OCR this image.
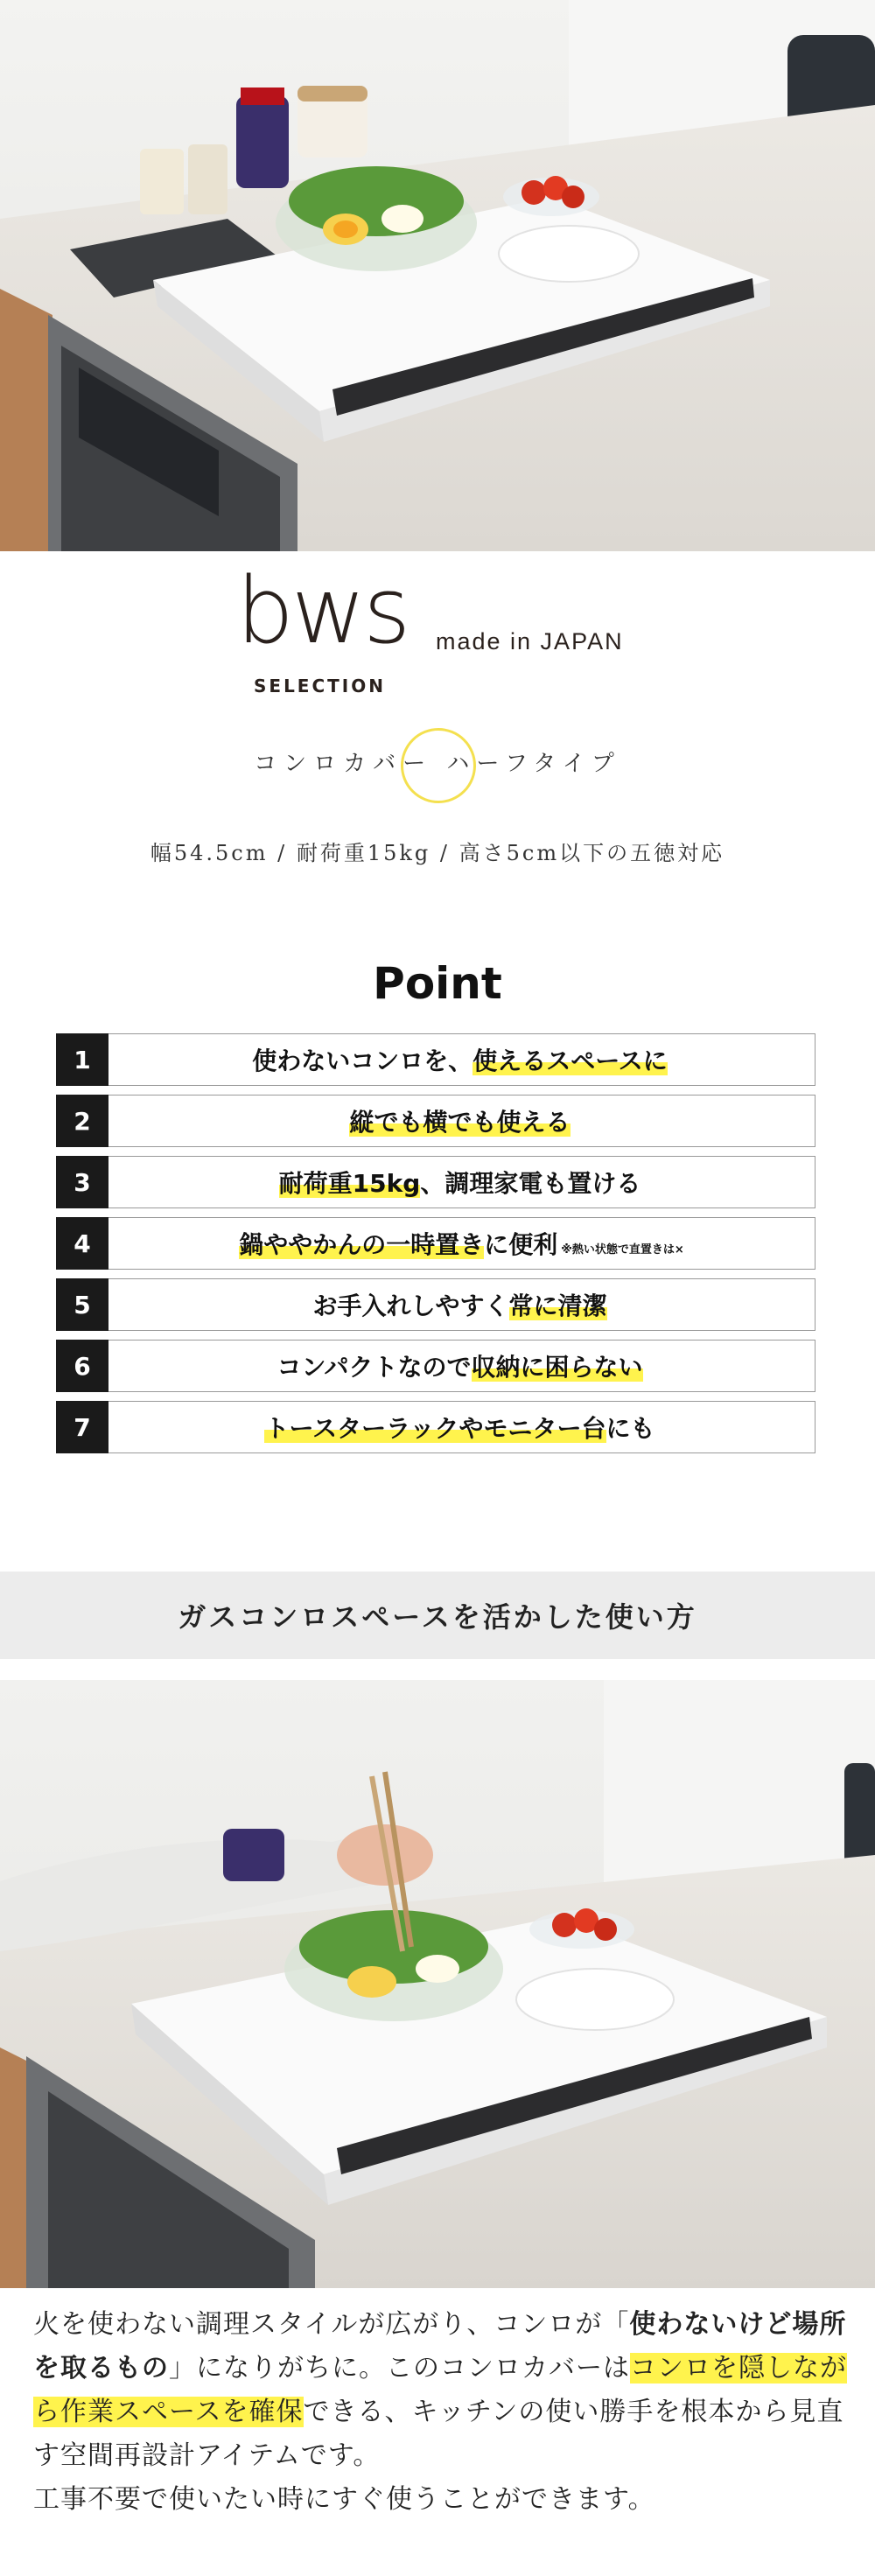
bws
SELECTION
made in JAPAN
コンロカバー ハーフタイプ
幅54.5cm / 耐荷重15kg / 高さ5cm以下の五徳対応
Point
1	使わないコンロを、使えるスペースに
2	縦でも横でも使える
3	耐荷重15kg、調理家電も置ける
4	鍋ややかんの一時置きに便利 ※熱い状態で直置きは×
5	お手入れしやすく常に清潔
6	コンパクトなので収納に困らない
7	トースターラックやモニター台にも
ガスコンロスペースを活かした使い方
火を使わない調理スタイルが広がり、コンロが「使わないけど場所を取るもの」になりがちに。このコンロカバーはコンロを隠しながら作業スペースを確保できる、キッチンの使い勝手を根本から見直す空間再設計アイテムです。
工事不要で使いたい時にすぐ使うことができます。
